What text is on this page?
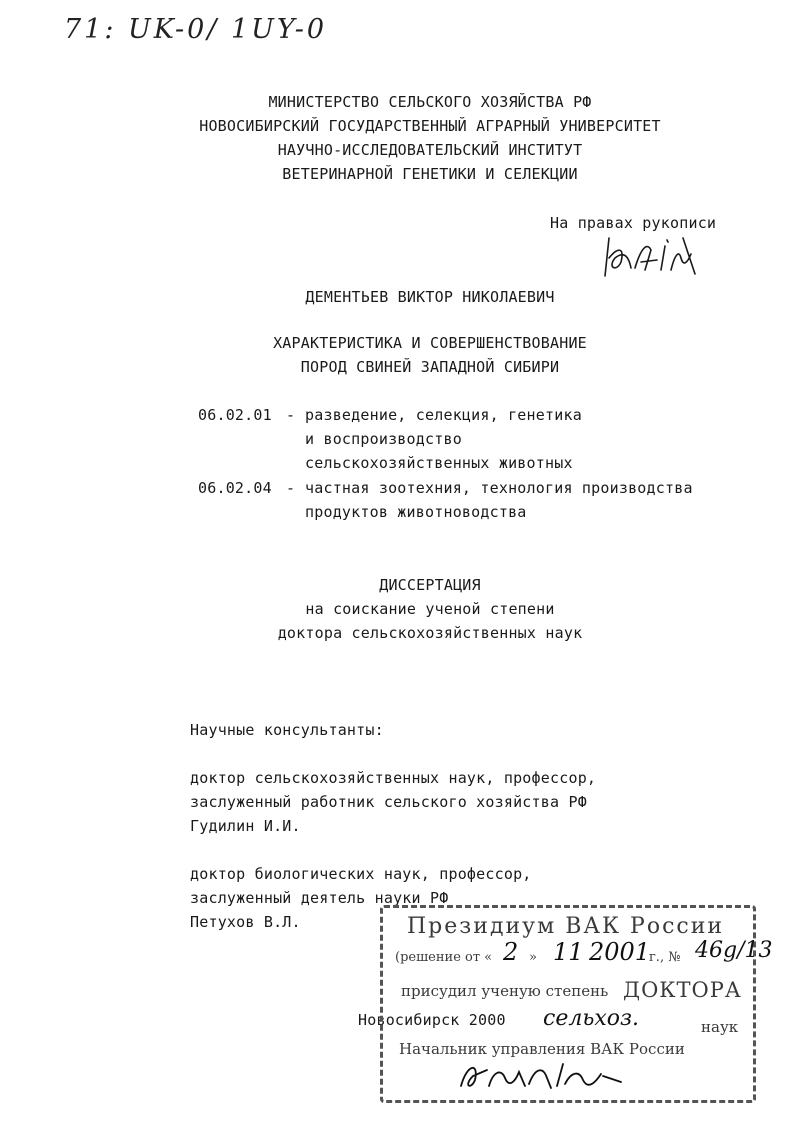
71: UK-0/ 1UY-0
МИНИСТЕРСТВО СЕЛЬСКОГО ХОЗЯЙСТВА РФ
НОВОСИБИРСКИЙ ГОСУДАРСТВЕННЫЙ АГРАРНЫЙ УНИВЕРСИТЕТ
НАУЧНО-ИССЛЕДОВАТЕЛЬСКИЙ ИНСТИТУТ
ВЕТЕРИНАРНОЙ ГЕНЕТИКИ И СЕЛЕКЦИИ
На правах рукописи
ДЕМЕНТЬЕВ ВИКТОР НИКОЛАЕВИЧ
ХАРАКТЕРИСТИКА И СОВЕРШЕНСТВОВАНИЕ
ПОРОД СВИНЕЙ ЗАПАДНОЙ СИБИРИ
06.02.01 - разведение, селекция, генетика
и воспроизводство
сельскохозяйственных животных
06.02.04 - частная зоотехния, технология производства
продуктов животноводства
ДИССЕРТАЦИЯ
на соискание ученой степени
доктора сельскохозяйственных наук
Научные консультанты:
доктор сельскохозяйственных наук, профессор,
заслуженный работник сельского хозяйства РФ
Гудилин И.И.
доктор биологических наук, профессор,
заслуженный деятель науки РФ
Петухов В.Л.
Новосибирск 2000
Президиум ВАК России
(решение от « 2 » 11 2001
г., № 46g/13
присудил ученую степень ДОКТОРА
сельхоз.	наук
Начальник управления ВАК России
